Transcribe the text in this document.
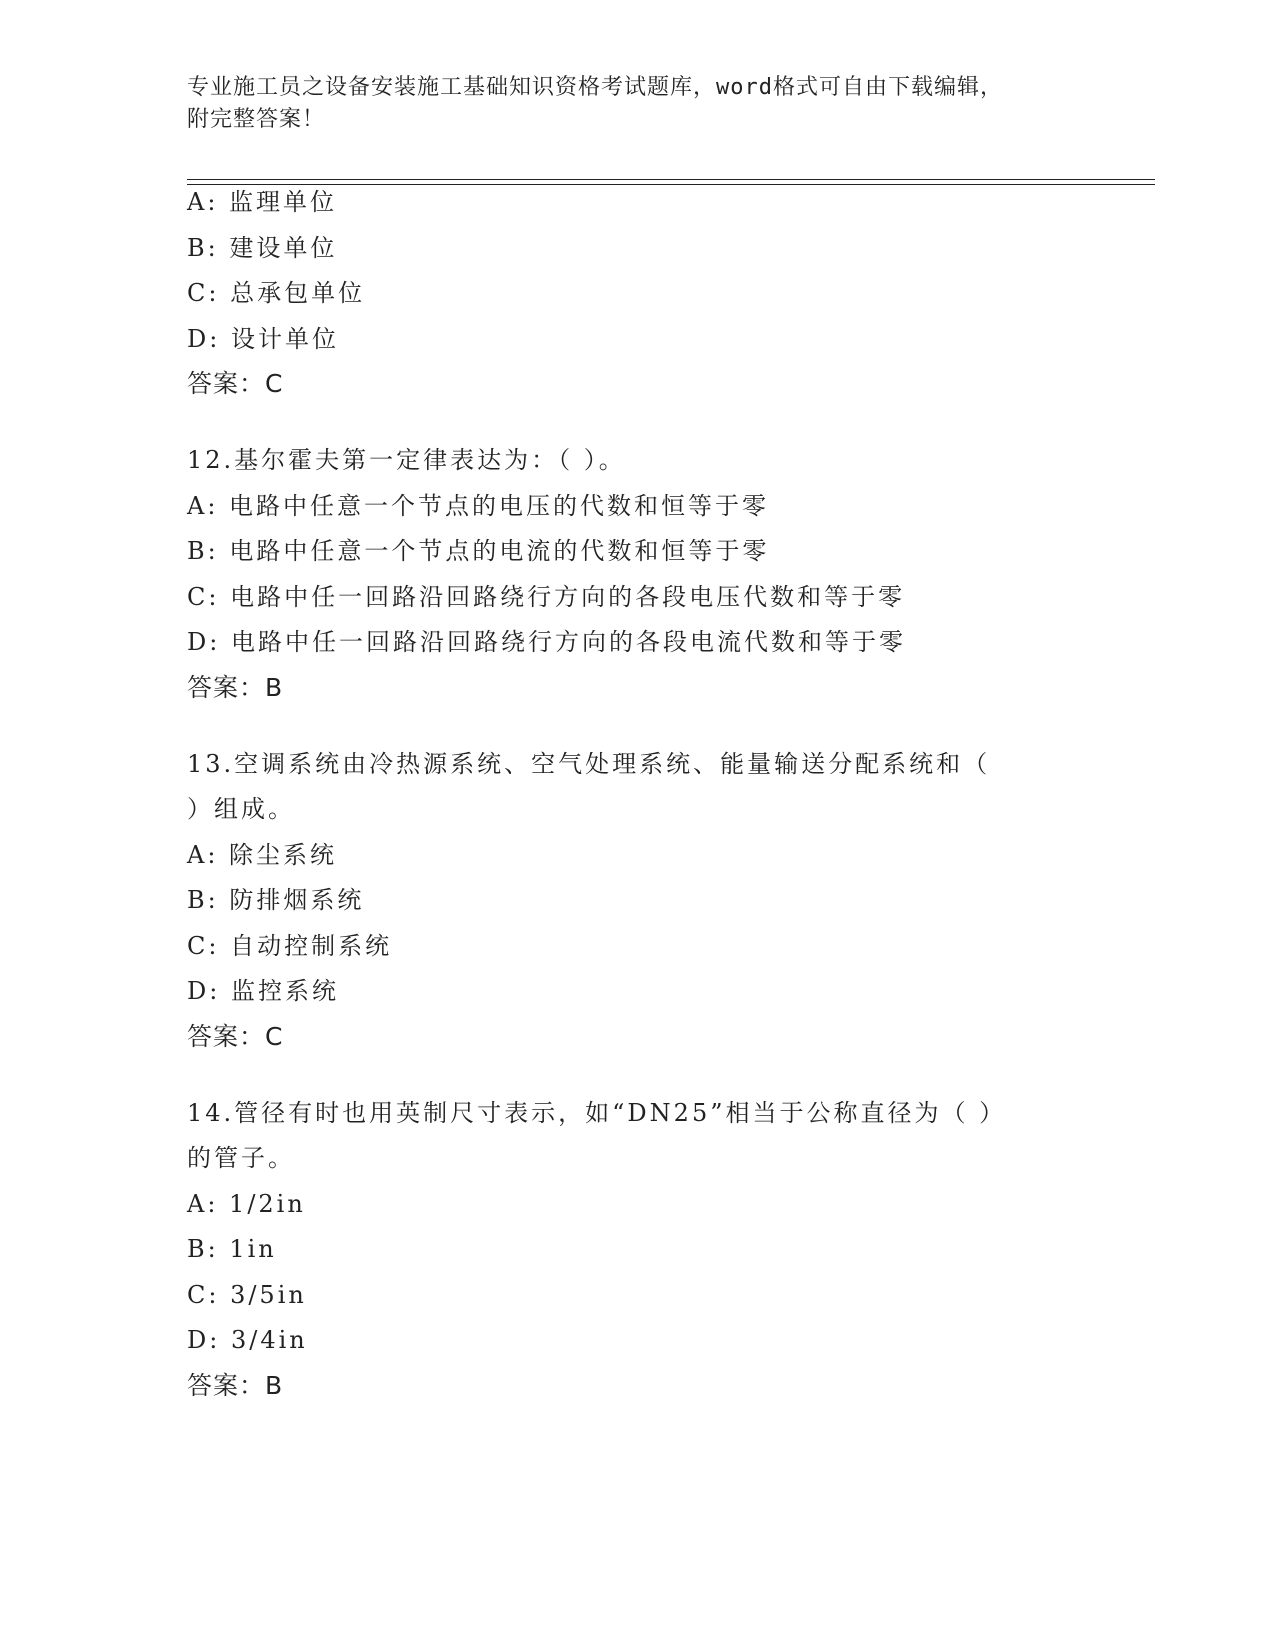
专业施工员之设备安装施工基础知识资格考试题库，word格式可自由下载编辑，
附完整答案！
A: 监理单位
B: 建设单位
C: 总承包单位
D: 设计单位
答案：C
12.基尔霍夫第一定律表达为：（ ）。
A: 电路中任意一个节点的电压的代数和恒等于零
B: 电路中任意一个节点的电流的代数和恒等于零
C: 电路中任一回路沿回路绕行方向的各段电压代数和等于零
D: 电路中任一回路沿回路绕行方向的各段电流代数和等于零
答案：B
13.空调系统由冷热源系统、空气处理系统、能量输送分配系统和（
）组成。
A: 除尘系统
B: 防排烟系统
C: 自动控制系统
D: 监控系统
答案：C
14.管径有时也用英制尺寸表示，如“DN25”相当于公称直径为（ ）
的管子。
A: 1/2in
B: 1in
C: 3/5in
D: 3/4in
答案：B
